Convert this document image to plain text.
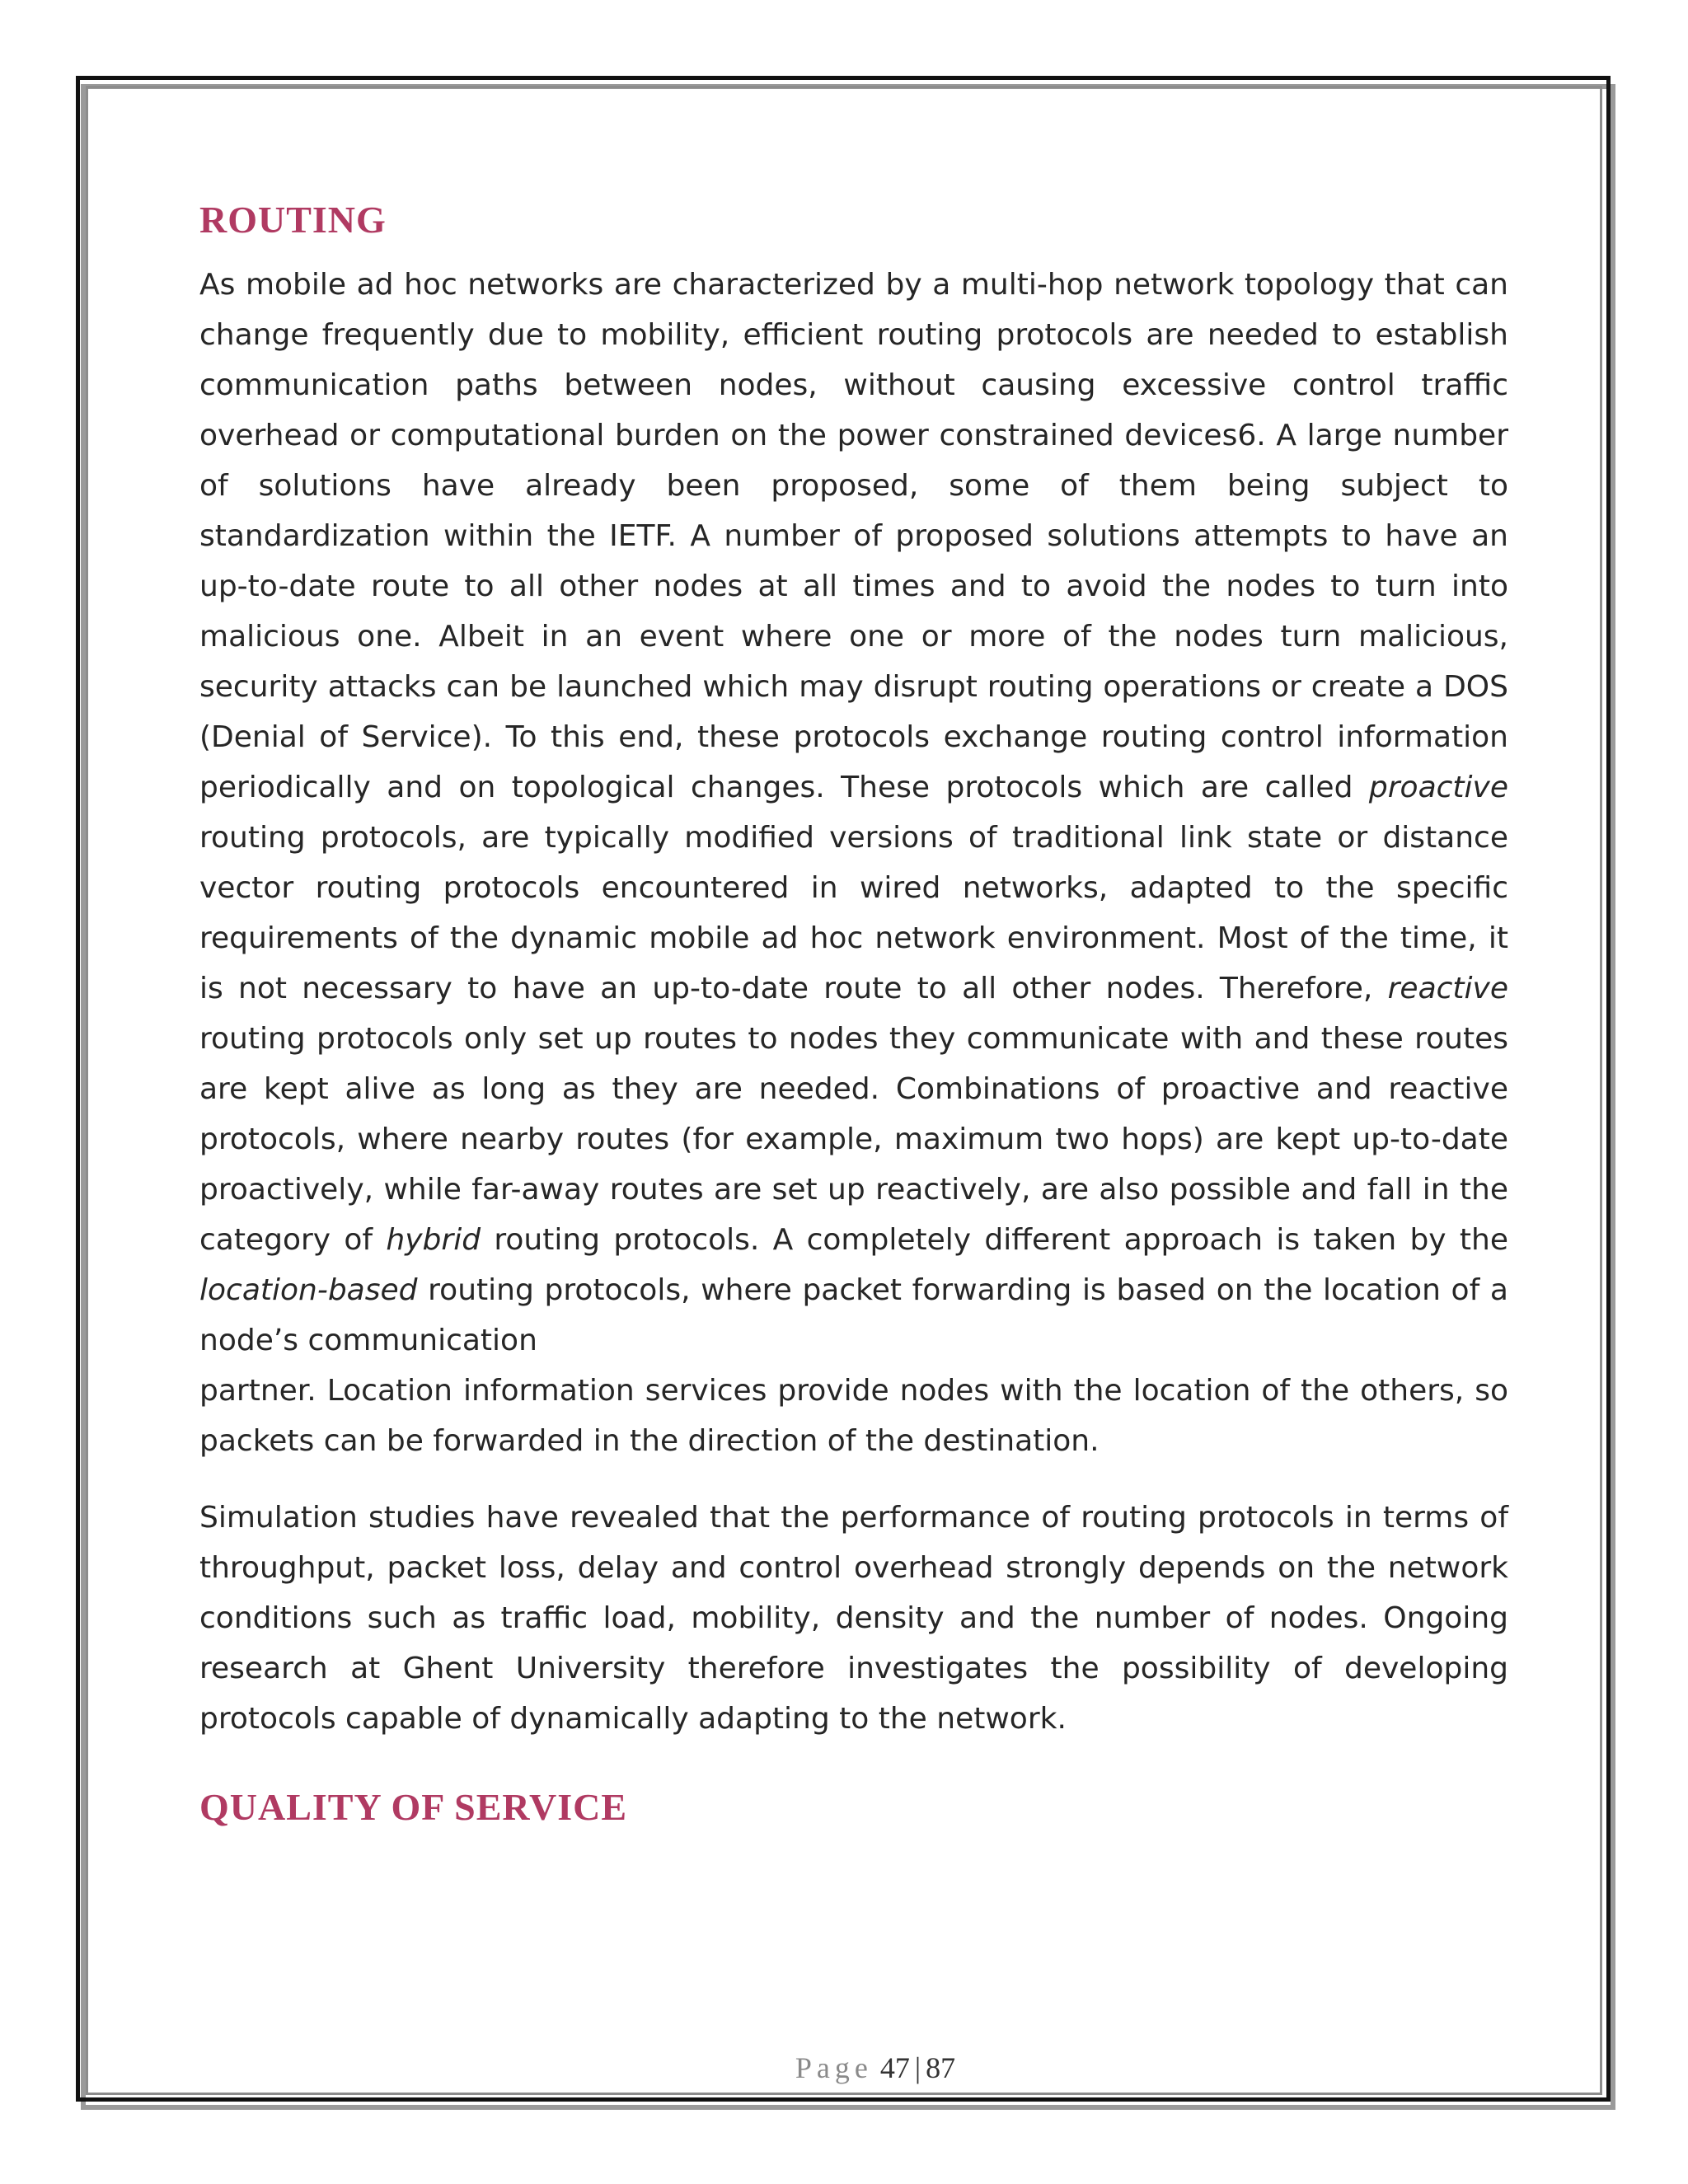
ROUTING

As mobile ad hoc networks are characterized by a multi-hop network topology that can change frequently due to mobility, efficient routing protocols are needed to establish communication paths between nodes, without causing excessive control traffic overhead or computational burden on the power constrained devices6. A large number of solutions have already been proposed, some of them being subject to standardization within the IETF. A number of proposed solutions attempts to have an up-to-date route to all other nodes at all times and to avoid the nodes to turn into malicious one. Albeit in an event where one or more of the nodes turn malicious, security attacks can be launched which may disrupt routing operations or create a DOS (Denial of Service). To this end, these protocols exchange routing control information periodically and on topological changes. These protocols which are called proactive routing protocols, are typically modified versions of traditional link state or distance vector routing protocols encountered in wired networks, adapted to the specific requirements of the dynamic mobile ad hoc network environment. Most of the time, it is not necessary to have an up-to-date route to all other nodes. Therefore, reactive routing protocols only set up routes to nodes they communicate with and these routes are kept alive as long as they are needed. Combinations of proactive and reactive protocols, where nearby routes (for example, maximum two hops) are kept up-to-date proactively, while far-away routes are set up reactively, are also possible and fall in the category of hybrid routing protocols. A completely different approach is taken by the location-based routing protocols, where packet forwarding is based on the location of a node’s communication
partner. Location information services provide nodes with the location of the others, so packets can be forwarded in the direction of the destination.

Simulation studies have revealed that the performance of routing protocols in terms of throughput, packet loss, delay and control overhead strongly depends on the network conditions such as traffic load, mobility, density and the number of nodes. Ongoing research at Ghent University therefore investigates the possibility of developing protocols capable of dynamically adapting to the network.

QUALITY OF SERVICE
Page 47 | 87
